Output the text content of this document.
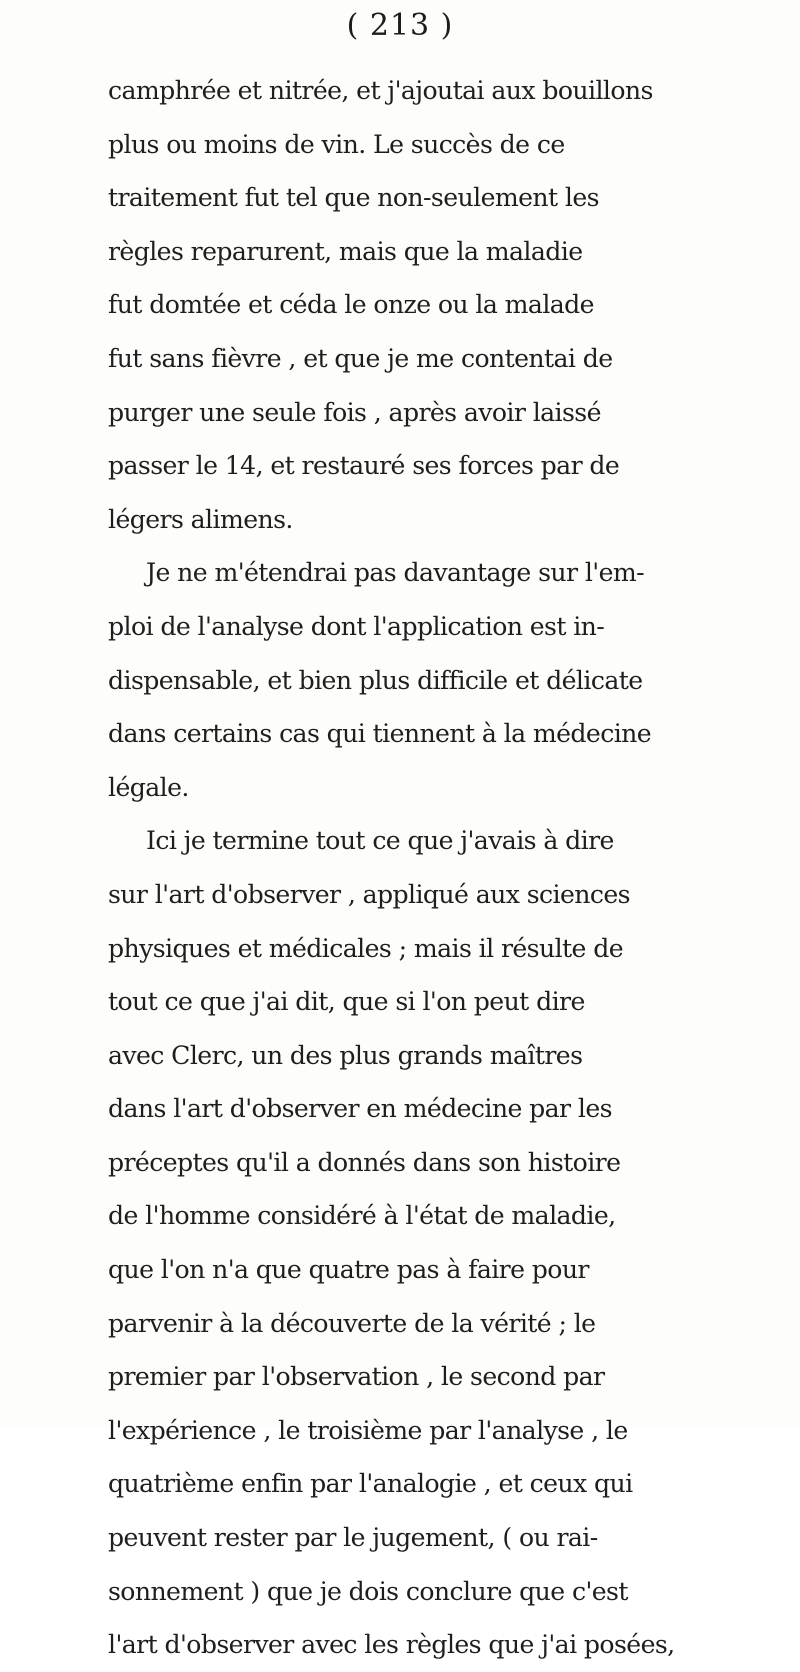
( 213 )
camphrée et nitrée, et j'ajoutai aux bouillons
plus ou moins de vin. Le succès de ce
traitement fut tel que non-seulement les
règles reparurent, mais que la maladie
fut domtée et céda le onze ou la malade
fut sans fièvre , et que je me contentai de
purger une seule fois , après avoir laissé
passer le 14, et restauré ses forces par de
légers alimens.
Je ne m'étendrai pas davantage sur l'em-
ploi de l'analyse dont l'application est in-
dispensable, et bien plus difficile et délicate
dans certains cas qui tiennent à la médecine
légale.
Ici je termine tout ce que j'avais à dire
sur l'art d'observer , appliqué aux sciences
physiques et médicales ; mais il résulte de
tout ce que j'ai dit, que si l'on peut dire
avec Clerc, un des plus grands maîtres
dans l'art d'observer en médecine par les
préceptes qu'il a donnés dans son histoire
de l'homme considéré à l'état de maladie,
que l'on n'a que quatre pas à faire pour
parvenir à la découverte de la vérité ; le
premier par l'observation , le second par
l'expérience , le troisième par l'analyse , le
quatrième enfin par l'analogie , et ceux qui
peuvent rester par le jugement, ( ou rai-
sonnement ) que je dois conclure que c'est
l'art d'observer avec les règles que j'ai posées,
